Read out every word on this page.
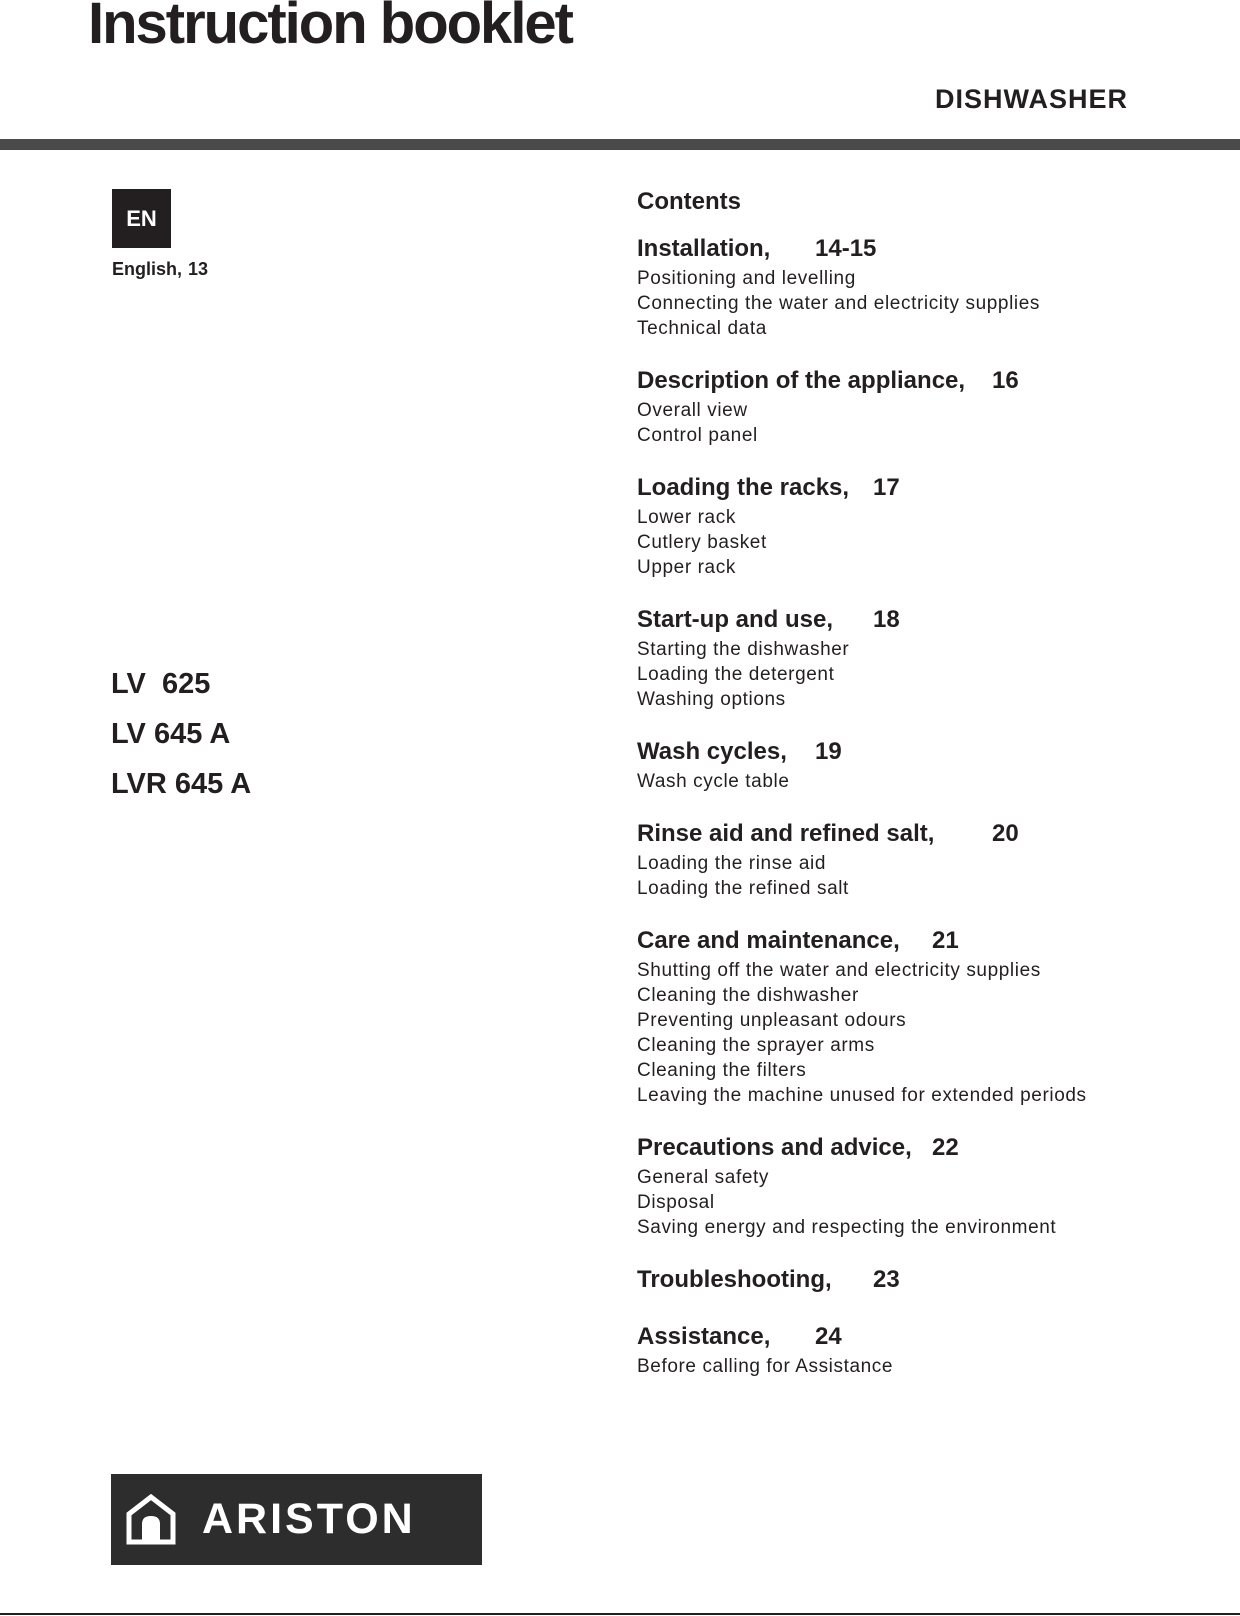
Instruction booklet
DISHWASHER
EN
English, 13
LV  625
LV 645 A
LVR 645 A
ARISTON
Contents
Installation, 14-15
Positioning and levelling
Connecting the water and electricity supplies
Technical data
Description of the appliance, 16
Overall view
Control panel
Loading the racks, 17
Lower rack
Cutlery basket
Upper rack
Start-up and use, 18
Starting the dishwasher
Loading the detergent
Washing options
Wash cycles, 19
Wash cycle table
Rinse aid and refined salt, 20
Loading the rinse aid
Loading the refined salt
Care and maintenance, 21
Shutting off the water and electricity supplies
Cleaning the dishwasher
Preventing unpleasant odours
Cleaning the sprayer arms
Cleaning the filters
Leaving the machine unused for extended periods
Precautions and advice, 22
General safety
Disposal
Saving energy and respecting the environment
Troubleshooting, 23
Assistance, 24
Before calling for Assistance
